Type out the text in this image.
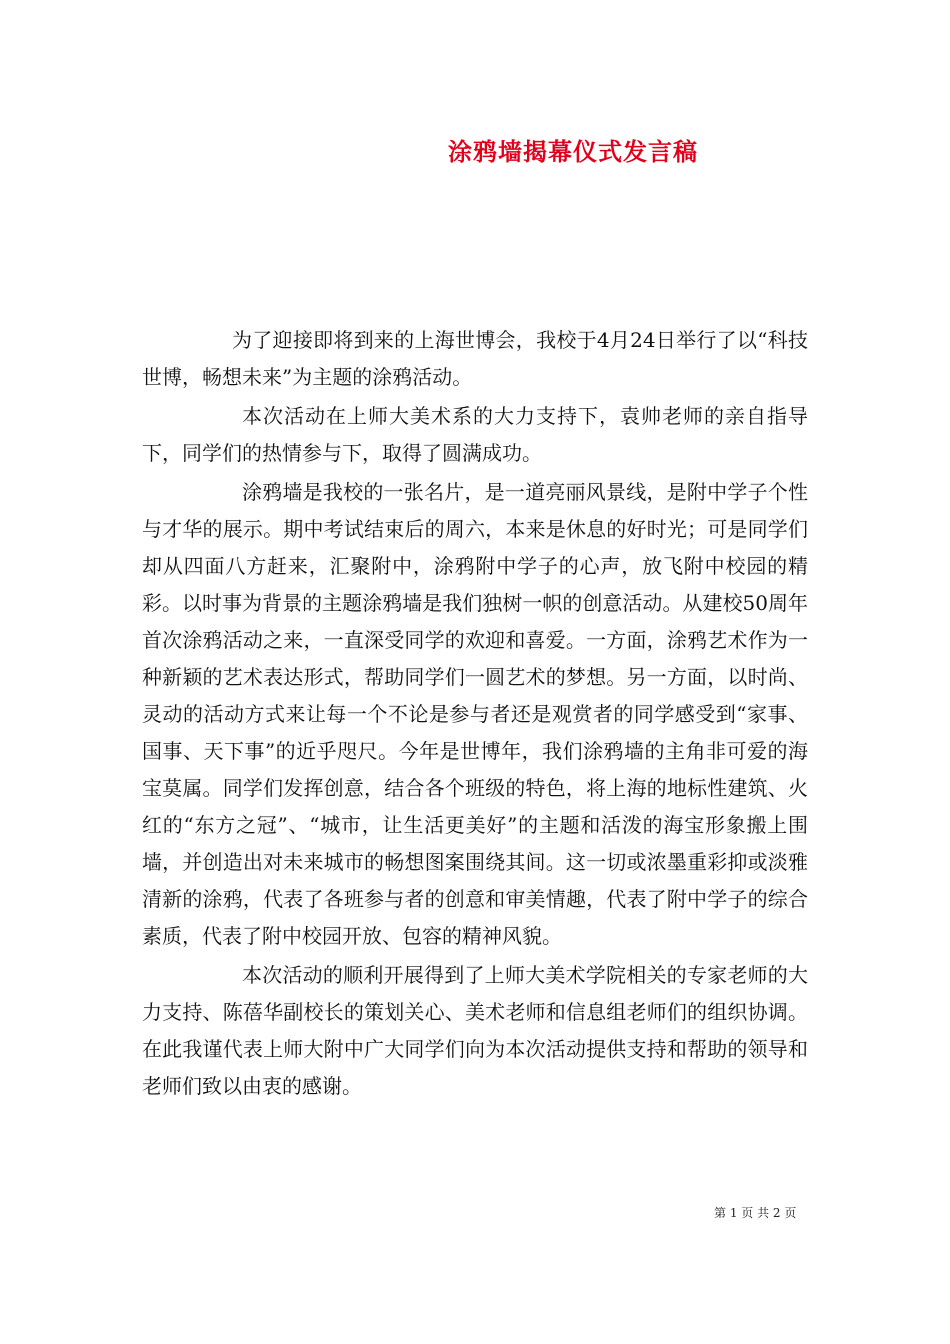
涂鸦墙揭幕仪式发言稿

为了迎接即将到来的上海世博会，我校于4月24日举行了以“科技世博，畅想未来”为主题的涂鸦活动。

本次活动在上师大美术系的大力支持下，袁帅老师的亲自指导下，同学们的热情参与下，取得了圆满成功。

涂鸦墙是我校的一张名片，是一道亮丽风景线，是附中学子个性与才华的展示。期中考试结束后的周六，本来是休息的好时光；可是同学们却从四面八方赶来，汇聚附中，涂鸦附中学子的心声，放飞附中校园的精彩。以时事为背景的主题涂鸦墙是我们独树一帜的创意活动。从建校50周年首次涂鸦活动之来，一直深受同学的欢迎和喜爱。一方面，涂鸦艺术作为一种新颖的艺术表达形式，帮助同学们一圆艺术的梦想。另一方面，以时尚、灵动的活动方式来让每一个不论是参与者还是观赏者的同学感受到“家事、国事、天下事”的近乎咫尺。今年是世博年，我们涂鸦墙的主角非可爱的海宝莫属。同学们发挥创意，结合各个班级的特色，将上海的地标性建筑、火红的“东方之冠”、“城市，让生活更美好”的主题和活泼的海宝形象搬上围墙，并创造出对未来城市的畅想图案围绕其间。这一切或浓墨重彩抑或淡雅清新的涂鸦，代表了各班参与者的创意和审美情趣，代表了附中学子的综合素质，代表了附中校园开放、包容的精神风貌。

本次活动的顺利开展得到了上师大美术学院相关的专家老师的大力支持、陈蓓华副校长的策划关心、美术老师和信息组老师们的组织协调。在此我谨代表上师大附中广大同学们向为本次活动提供支持和帮助的领导和老师们致以由衷的感谢。

第 1 页 共 2 页
